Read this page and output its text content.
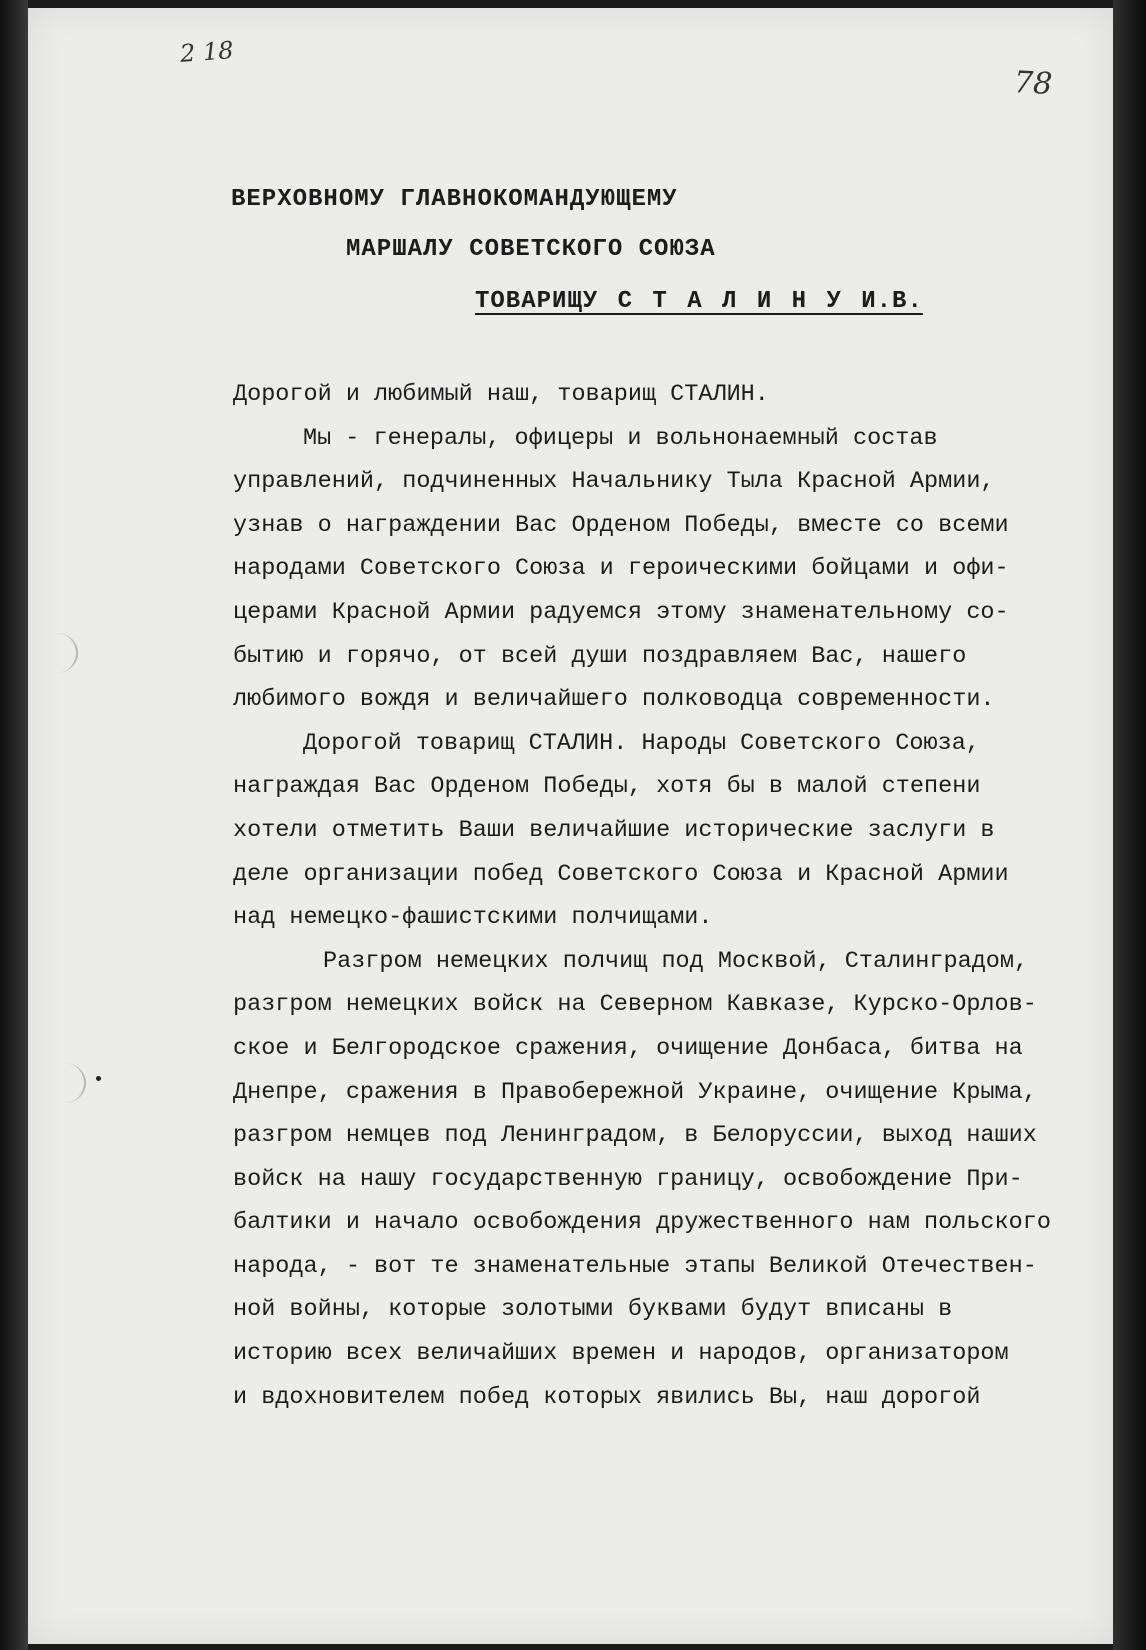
2 18
78
ВЕРХОВНОМУ ГЛАВНОКОМАНДУЮЩЕМУ
МАРШАЛУ СОВЕТСКОГО СОЮЗА
ТОВАРИЩУ С Т А Л И Н У И.В.
Дорогой и любимый наш, товарищ СТАЛИН.
Мы - генералы, офицеры и вольнонаемный состав
управлений, подчиненных Начальнику Тыла Красной Армии,
узнав о награждении Вас Орденом Победы, вместе со всеми
народами Советского Союза и героическими бойцами и офи-
церами Красной Армии радуемся этому знаменательному со-
бытию и горячо, от всей души поздравляем Вас, нашего
любимого вождя и величайшего полководца современности.
Дорогой товарищ СТАЛИН. Народы Советского Союза,
награждая Вас Орденом Победы, хотя бы в малой степени
хотели отметить Ваши величайшие исторические заслуги в
деле организации побед Советского Союза и Красной Армии
над немецко-фашистскими полчищами.
Разгром немецких полчищ под Москвой, Сталинградом,
разгром немецких войск на Северном Кавказе, Курско-Орлов-
ское и Белгородское сражения, очищение Донбаса, битва на
Днепре, сражения в Правобережной Украине, очищение Крыма,
разгром немцев под Ленинградом, в Белоруссии, выход наших
войск на нашу государственную границу, освобождение При-
балтики и начало освобождения дружественного нам польского
народа, - вот те знаменательные этапы Великой Отечествен-
ной войны, которые золотыми буквами будут вписаны в
историю всех величайших времен и народов, организатором
и вдохновителем побед которых явились Вы, наш дорогой
